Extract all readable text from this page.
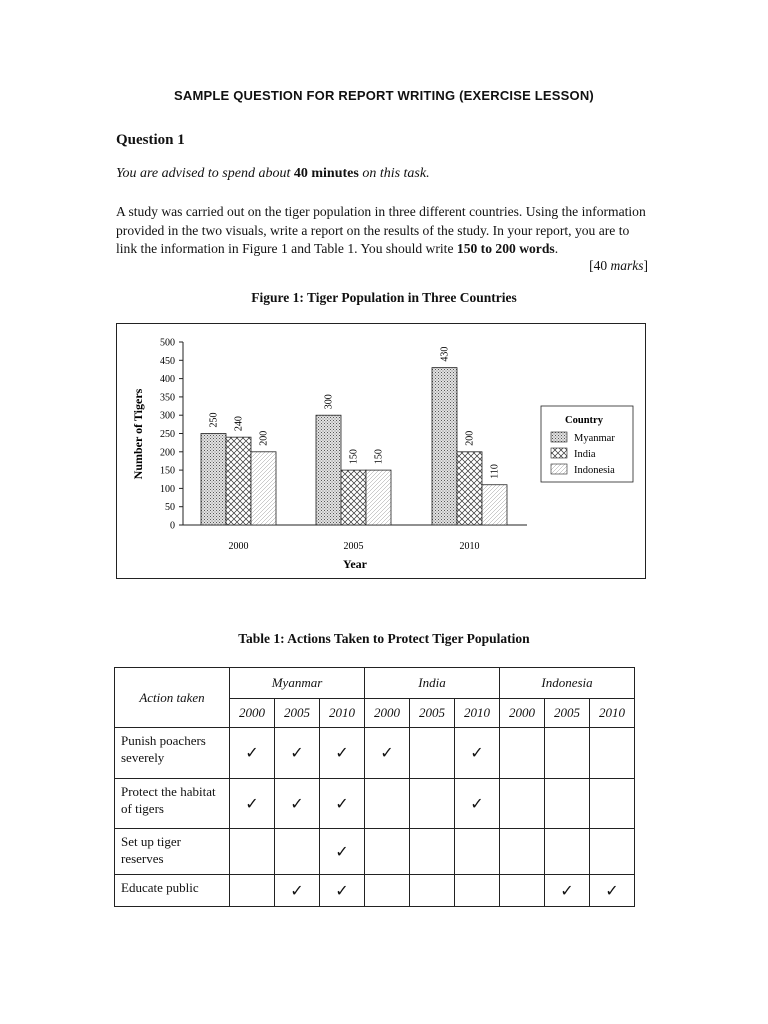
SAMPLE QUESTION FOR REPORT WRITING (EXERCISE LESSON)
Question 1
You are advised to spend about 40 minutes on this task.

A study was carried out on the tiger population in three different countries. Using the information provided in the two visuals, write a report on the results of the study. In your report, you are to link the information in Figure 1 and Table 1. You should write 150 to 200 words.

[40 marks]
Figure 1: Tiger Population in Three Countries
0
50
100
150
200
250
300
350
400
450
500
Number of Tigers	250 240
200
2000
300
150 150
2005
430
200
110
2010
Year
Country
Myanmar
India
Indonesia
Table 1: Actions Taken to Protect Tiger Population
Action taken	Myanmar			India			Indonesia		
	2000	2005	2010	2000	2005	2010	2000	2005	2010
Punish poachers
severely	✓	✓	✓	✓		✓			
Protect the habitat
of tigers	✓	✓	✓			✓			
Set up tiger
reserves			✓						
Educate public		✓	✓					✓	✓
